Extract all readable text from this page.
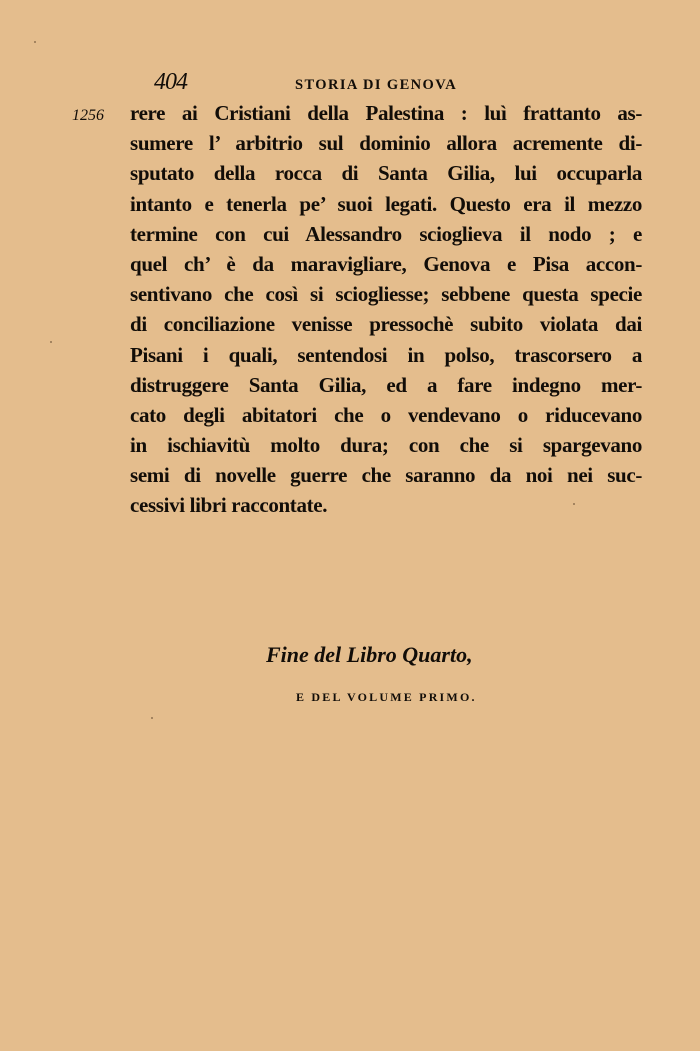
404	STORIA DI GENOVA
1256 rere ai Cristiani della Palestina : luì frattanto as-
sumere l’ arbitrio sul dominio allora acremente di-
sputato della rocca di Santa Gilia, lui occuparla
intanto e tenerla pe’ suoi legati. Questo era il mezzo
termine con cui Alessandro scioglieva il nodo ; e
quel ch’ è da maravigliare, Genova e Pisa accon-
sentivano che così si sciogliesse; sebbene questa specie
di conciliazione venisse pressochè subito violata dai
Pisani i quali, sentendosi in polso, trascorsero a
distruggere Santa Gilia, ed a fare indegno mer-
cato degli abitatori che o vendevano o riducevano
in ischiavitù molto dura; con che si spargevano
semi di novelle guerre che saranno da noi nei suc-
cessivi libri raccontate.
Fine del Libro Quarto,
E DEL VOLUME PRIMO.
